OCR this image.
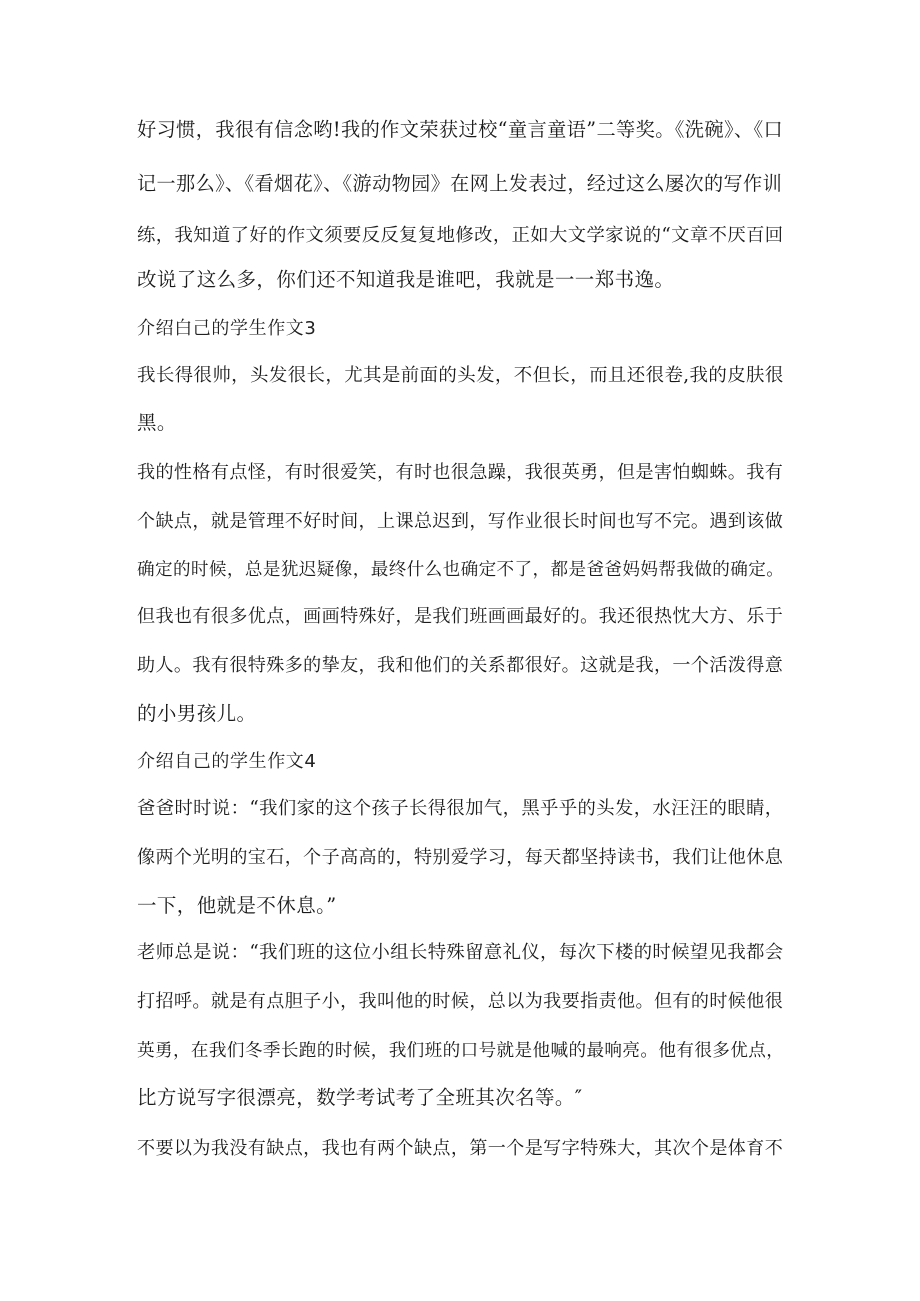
好习惯，我很有信念哟!我的作文荣获过校“童言童语”二等奖。《洗碗》、《口
记一那么》、《看烟花》、《游动物园》在网上发表过，经过这么屡次的写作训
练，我知道了好的作文须要反反复复地修改，正如大文学家说的“文章不厌百回
改说了这么多，你们还不知道我是谁吧，我就是一一郑书逸。
介绍白己的学生作文3
我长得很帅，头发很长，尤其是前面的头发，不但长，而且还很卷,我的皮肤很
黑。
我的性格有点怪，有时很爱笑，有时也很急躁，我很英勇，但是害怕蜘蛛。我有
个缺点，就是管理不好时间，上课总迟到，写作业很长时间也写不完。遇到该做
确定的时候，总是犹迟疑像，最终什么也确定不了，都是爸爸妈妈帮我做的确定。
但我也有很多优点，画画特殊好，是我们班画画最好的。我还很热忱大方、乐于
助人。我有很特殊多的挚友，我和他们的关系都很好。这就是我，一个活泼得意
的小男孩儿。
介绍自己的学生作文4
爸爸时时说：“我们家的这个孩子长得很加气，黑乎乎的头发，水汪汪的眼睛，
像两个光明的宝石，个子高高的，特别爱学习，每天都坚持读书，我们让他休息
一下，他就是不休息。”
老师总是说：“我们班的这位小组长特殊留意礼仪，每次下楼的时候望见我都会
打招呼。就是有点胆子小，我叫他的时候，总以为我要指责他。但有的时候他很
英勇，在我们冬季长跑的时候，我们班的口号就是他喊的最响亮。他有很多优点，
比方说写字很漂亮，数学考试考了全班其次名等。″
不要以为我没有缺点，我也有两个缺点，第一个是写字特殊大，其次个是体育不
